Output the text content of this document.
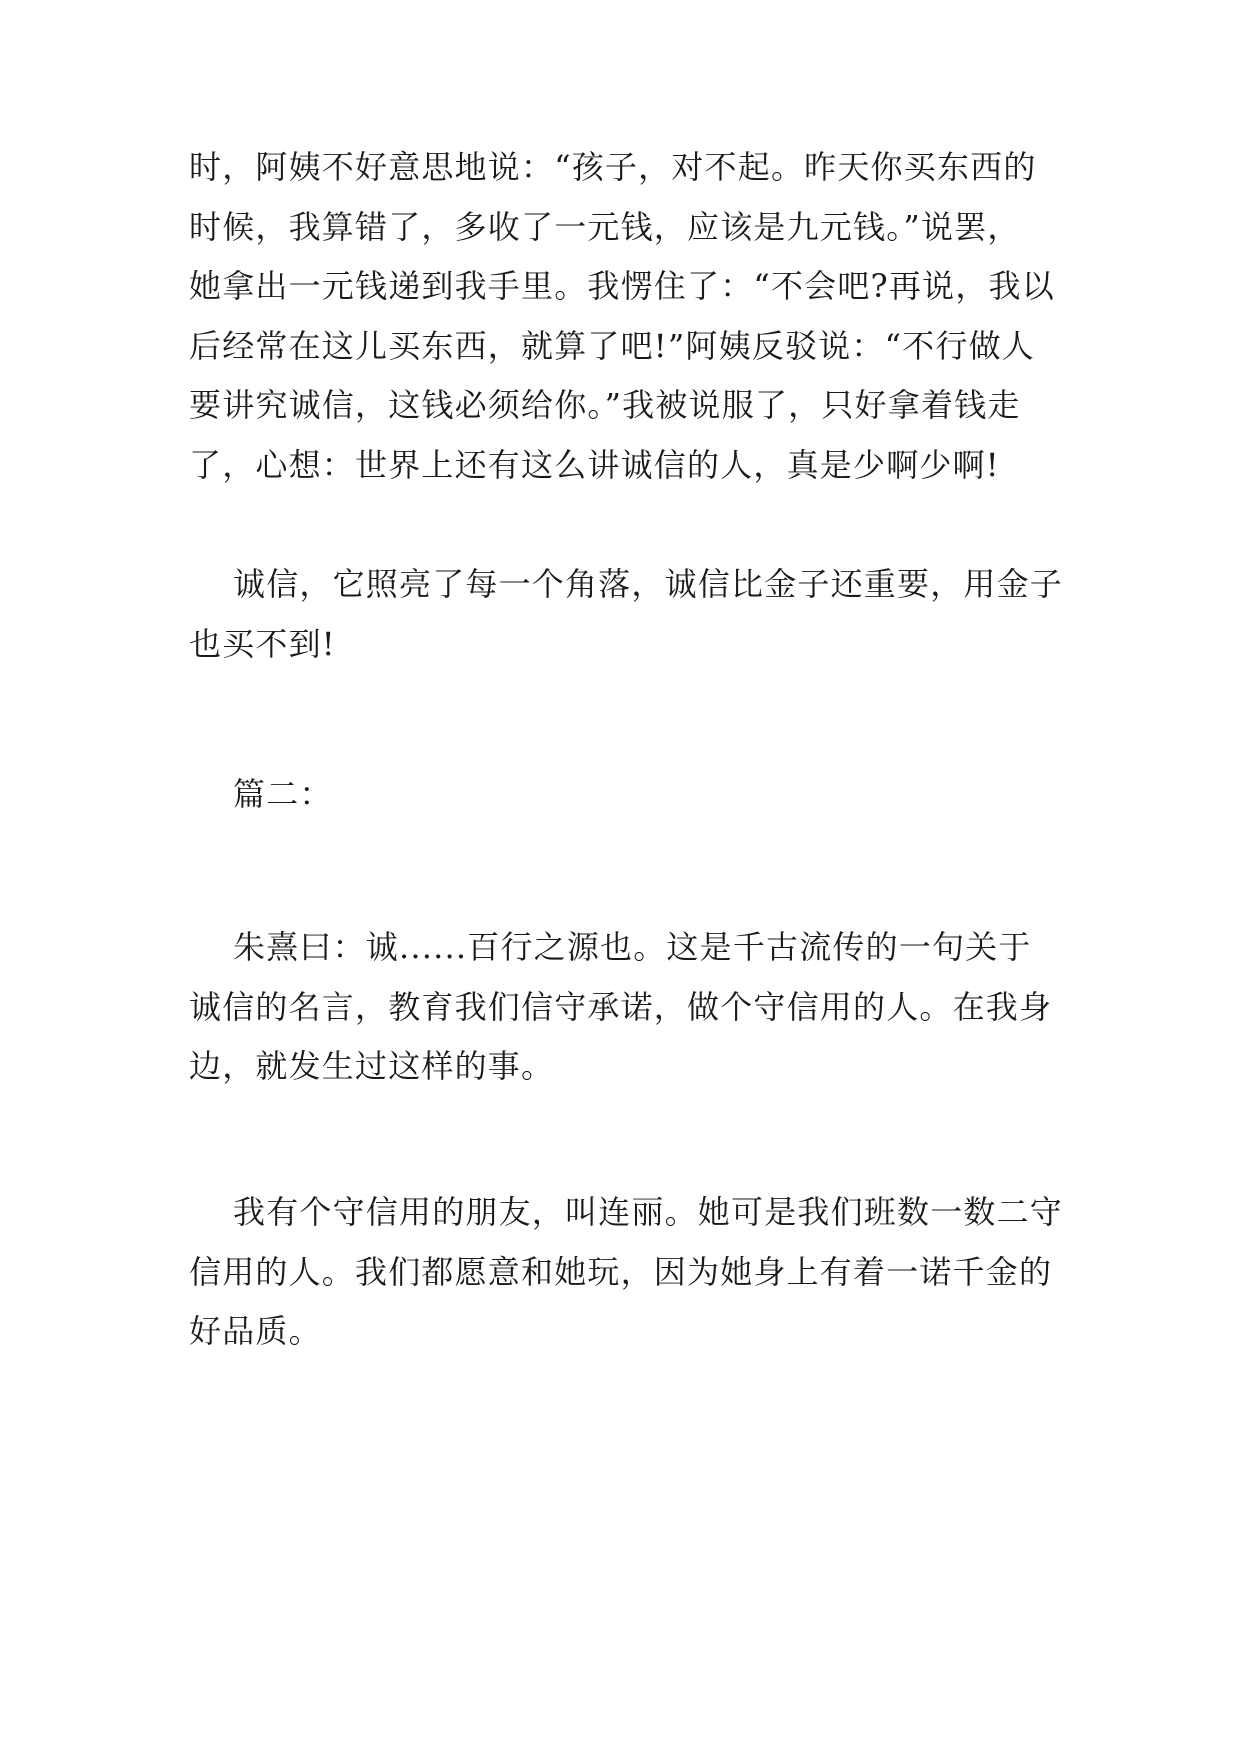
时，阿姨不好意思地说：“孩子，对不起。昨天你买东西的
时候，我算错了，多收了一元钱，应该是九元钱。”说罢，
她拿出一元钱递到我手里。我愣住了：“不会吧?再说，我以
后经常在这儿买东西，就算了吧!”阿姨反驳说：“不行做人
要讲究诚信，这钱必须给你。”我被说服了，只好拿着钱走
了，心想：世界上还有这么讲诚信的人，真是少啊少啊!

诚信，它照亮了每一个角落，诚信比金子还重要，用金子
也买不到!

篇二：

朱熹曰：诚......百行之源也。这是千古流传的一句关于
诚信的名言，教育我们信守承诺，做个守信用的人。在我身
边，就发生过这样的事。

我有个守信用的朋友，叫连丽。她可是我们班数一数二守
信用的人。我们都愿意和她玩，因为她身上有着一诺千金的
好品质。
